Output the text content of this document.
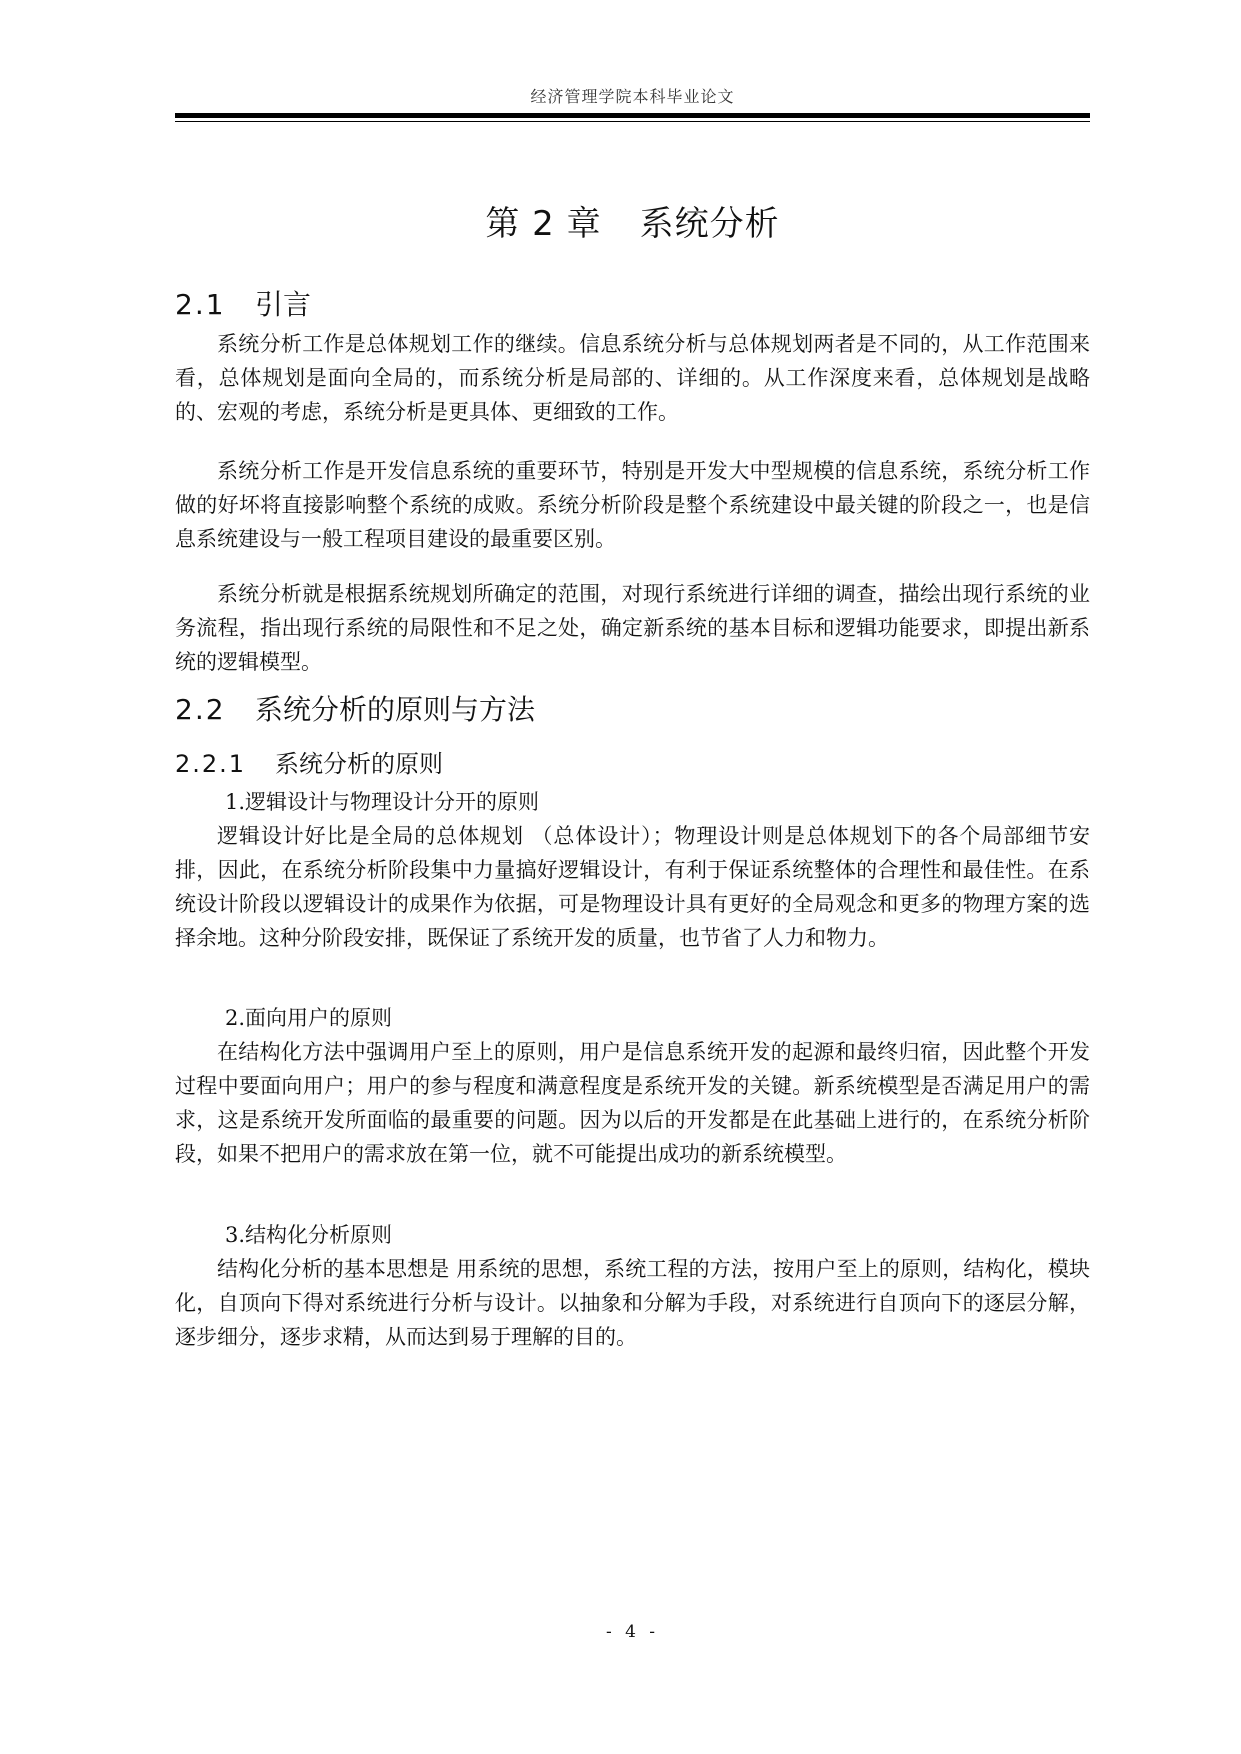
经济管理学院本科毕业论文
第 2 章 系统分析
2.1 引言

系统分析工作是总体规划工作的继续。信息系统分析与总体规划两者是不同的，从工作范围来看，总体规划是面向全局的，而系统分析是局部的、详细的。从工作深度来看，总体规划是战略的、宏观的考虑，系统分析是更具体、更细致的工作。

系统分析工作是开发信息系统的重要环节，特别是开发大中型规模的信息系统，系统分析工作做的好坏将直接影响整个系统的成败。系统分析阶段是整个系统建设中最关键的阶段之一，也是信息系统建设与一般工程项目建设的最重要区别。

系统分析就是根据系统规划所确定的范围，对现行系统进行详细的调查，描绘出现行系统的业务流程，指出现行系统的局限性和不足之处，确定新系统的基本目标和逻辑功能要求，即提出新系统的逻辑模型。

2.2 系统分析的原则与方法
2.2.1 系统分析的原则
1.逻辑设计与物理设计分开的原则

逻辑设计好比是全局的总体规划 （总体设计）；物理设计则是总体规划下的各个局部细节安排，因此，在系统分析阶段集中力量搞好逻辑设计，有利于保证系统整体的合理性和最佳性。在系统设计阶段以逻辑设计的成果作为依据，可是物理设计具有更好的全局观念和更多的物理方案的选择余地。这种分阶段安排，既保证了系统开发的质量，也节省了人力和物力。

2.面向用户的原则

在结构化方法中强调用户至上的原则，用户是信息系统开发的起源和最终归宿，因此整个开发过程中要面向用户；用户的参与程度和满意程度是系统开发的关键。新系统模型是否满足用户的需求，这是系统开发所面临的最重要的问题。因为以后的开发都是在此基础上进行的，在系统分析阶段，如果不把用户的需求放在第一位，就不可能提出成功的新系统模型。

3.结构化分析原则

结构化分析的基本思想是 用系统的思想，系统工程的方法，按用户至上的原则，结构化，模块化，自顶向下得对系统进行分析与设计。以抽象和分解为手段，对系统进行自顶向下的逐层分解，逐步细分，逐步求精，从而达到易于理解的目的。

- 4 -
